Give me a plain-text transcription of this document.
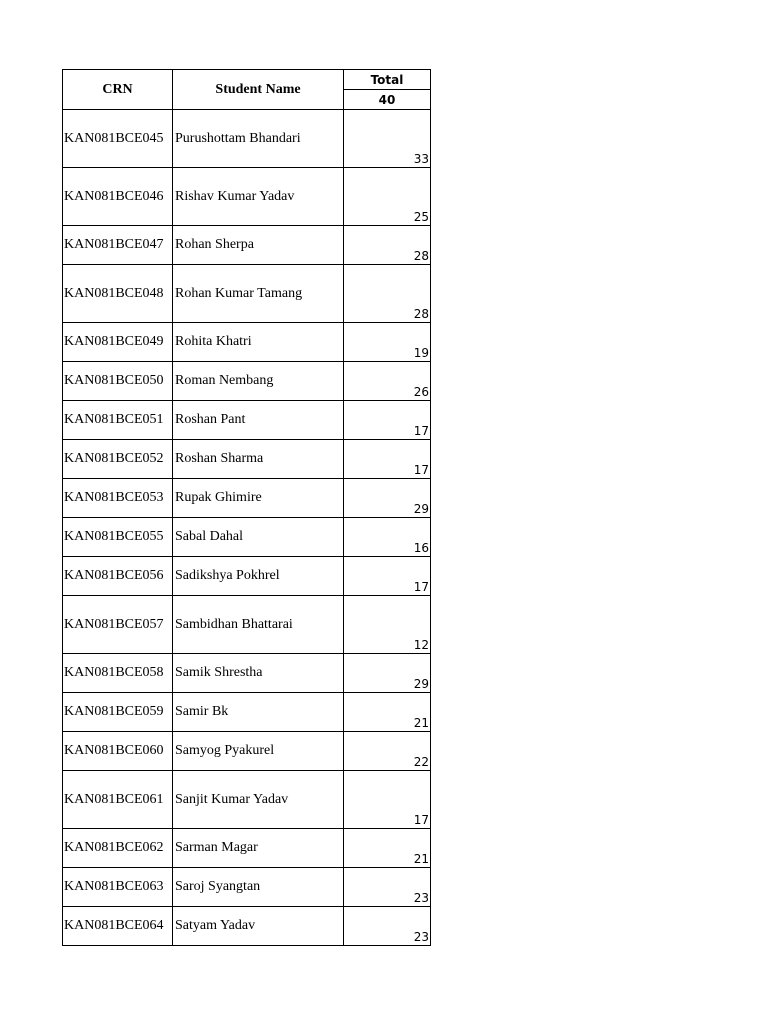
CRN	Student Name	Total
		40
KAN081BCE045	Purushottam Bhandari	33
KAN081BCE046	Rishav Kumar Yadav	25
KAN081BCE047	Rohan Sherpa	28
KAN081BCE048	Rohan Kumar Tamang	28
KAN081BCE049	Rohita Khatri	19
KAN081BCE050	Roman Nembang	26
KAN081BCE051	Roshan Pant	17
KAN081BCE052	Roshan Sharma	17
KAN081BCE053	Rupak Ghimire	29
KAN081BCE055	Sabal Dahal	16
KAN081BCE056	Sadikshya Pokhrel	17
KAN081BCE057	Sambidhan Bhattarai	12
KAN081BCE058	Samik Shrestha	29
KAN081BCE059	Samir Bk	21
KAN081BCE060	Samyog Pyakurel	22
KAN081BCE061	Sanjit Kumar Yadav	17
KAN081BCE062	Sarman Magar	21
KAN081BCE063	Saroj Syangtan	23
KAN081BCE064	Satyam Yadav	23
